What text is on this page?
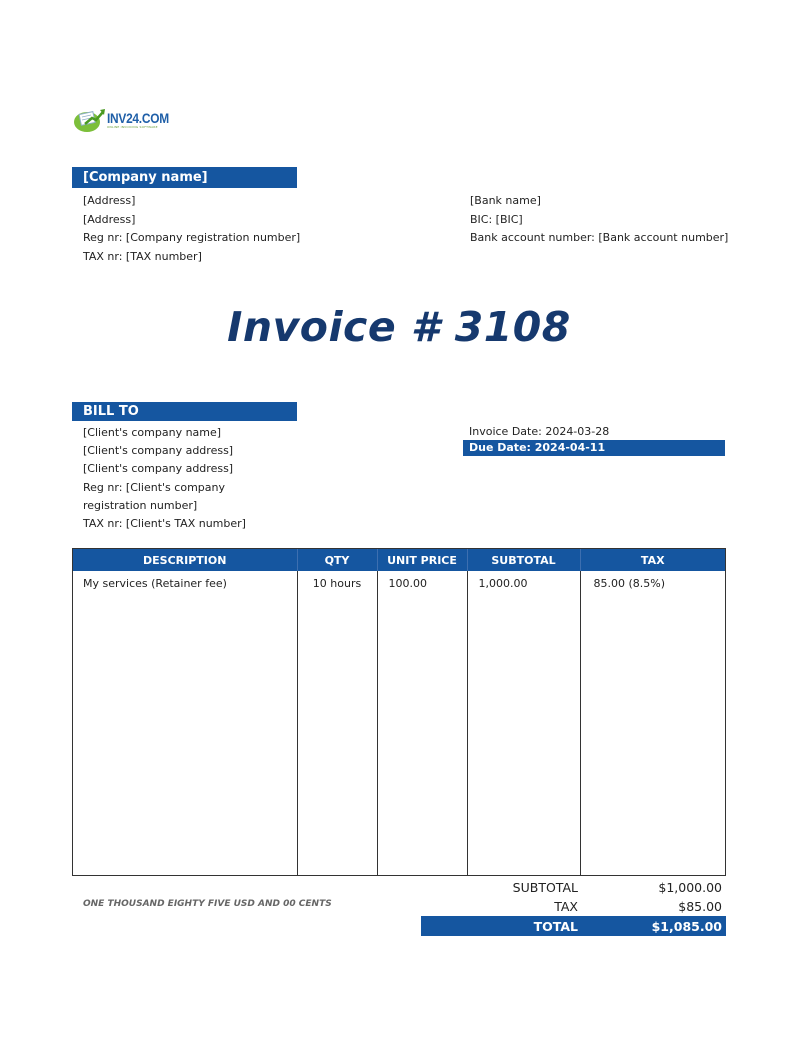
INV24.COM
ONLINE INVOICING SOFTWARE
[Company name]
[Address]
[Address]
Reg nr: [Company registration number]
TAX nr: [TAX number]
[Bank name]
BIC: [BIC]
Bank account number: [Bank account number]
Invoice # 3108
BILL TO
[Client's company name]
[Client's company address]
[Client's company address]
Reg nr: [Client's company registration number]
TAX nr: [Client's TAX number]
Invoice Date: 2024-03-28
Due Date: 2024-04-11
DESCRIPTION	QTY	UNIT PRICE	SUBTOTAL	TAX
My services (Retainer fee)	10 hours	100.00	1,000.00	85.00 (8.5%)
ONE THOUSAND EIGHTY FIVE USD AND 00 CENTS
SUBTOTAL	$1,000.00
TAX	$85.00
TOTAL	$1,085.00
